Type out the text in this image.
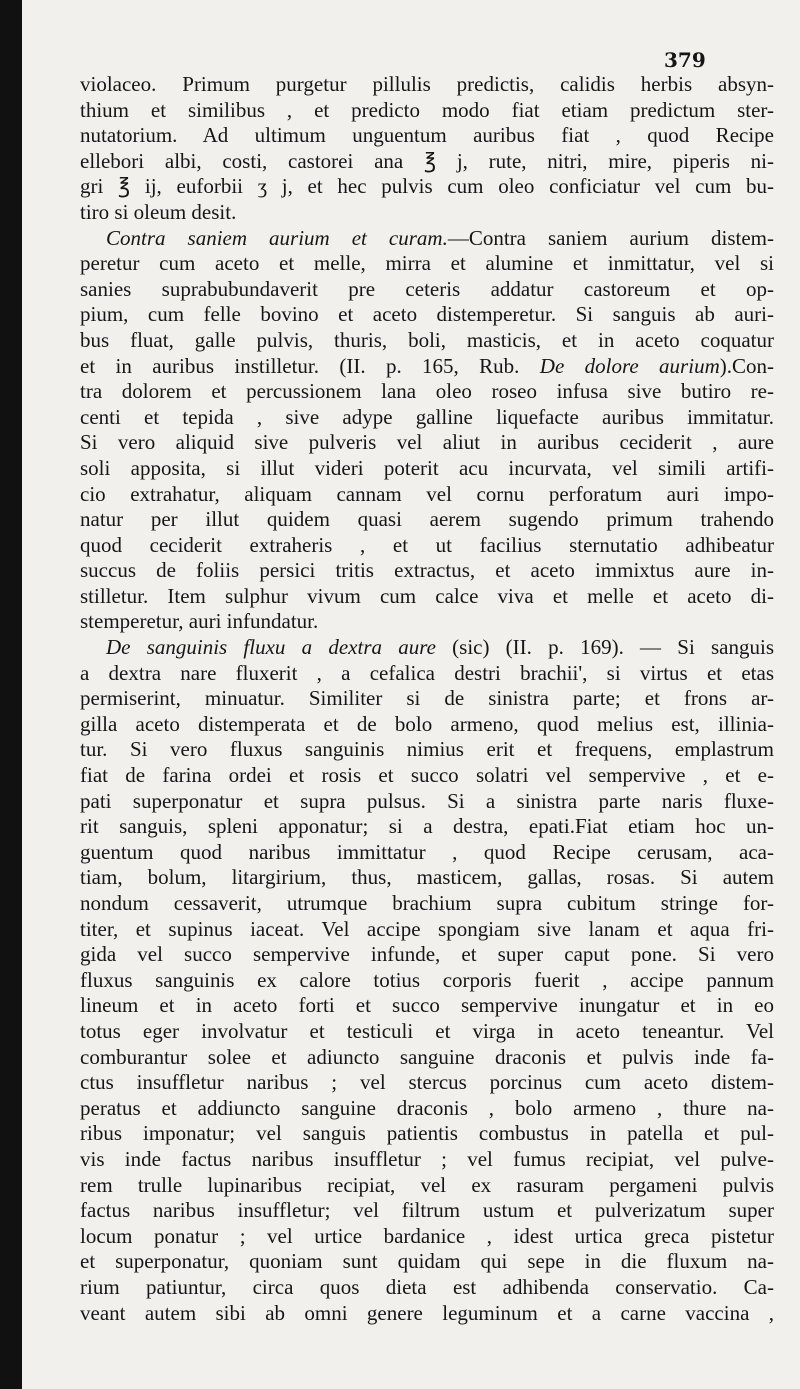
379
violaceo. Primum purgetur pillulis predictis, calidis herbis absyn-
thium et similibus , et predicto modo fiat etiam predictum ster-
nutatorium. Ad ultimum unguentum auribus fiat , quod Recipe
ellebori albi, costi, castorei ana ℥ j, rute, nitri, mire, piperis ni-
gri ℥ ij, euforbii ʒ j, et hec pulvis cum oleo conficiatur vel cum bu-
tiro si oleum desit.
Contra saniem aurium et curam.—Contra saniem aurium distem-
peretur cum aceto et melle, mirra et alumine et inmittatur, vel si
sanies suprabubundaverit pre ceteris addatur castoreum et op-
pium, cum felle bovino et aceto distemperetur. Si sanguis ab auri-
bus fluat, galle pulvis, thuris, boli, masticis, et in aceto coquatur
et in auribus instilletur. (II. p. 165, Rub. De dolore aurium).Con-
tra dolorem et percussionem lana oleo roseo infusa sive butiro re-
centi et tepida , sive adype galline liquefacte auribus immitatur.
Si vero aliquid sive pulveris vel aliut in auribus ceciderit , aure
soli apposita, si illut videri poterit acu incurvata, vel simili artifi-
cio extrahatur, aliquam cannam vel cornu perforatum auri impo-
natur per illut quidem quasi aerem sugendo primum trahendo
quod ceciderit extraheris , et ut facilius sternutatio adhibeatur
succus de foliis persici tritis extractus, et aceto immixtus aure in-
stilletur. Item sulphur vivum cum calce viva et melle et aceto di-
stemperetur, auri infundatur.
De sanguinis fluxu a dextra aure (sic) (II. p. 169). — Si sanguis
a dextra nare fluxerit , a cefalica destri brachii', si virtus et etas
permiserint, minuatur. Similiter si de sinistra parte; et frons ar-
gilla aceto distemperata et de bolo armeno, quod melius est, illinia-
tur. Si vero fluxus sanguinis nimius erit et frequens, emplastrum
fiat de farina ordei et rosis et succo solatri vel sempervive , et e-
pati superponatur et supra pulsus. Si a sinistra parte naris fluxe-
rit sanguis, spleni apponatur; si a destra, epati.Fiat etiam hoc un-
guentum quod naribus immittatur , quod Recipe cerusam, aca-
tiam, bolum, litargirium, thus, masticem, gallas, rosas. Si autem
nondum cessaverit, utrumque brachium supra cubitum stringe for-
titer, et supinus iaceat. Vel accipe spongiam sive lanam et aqua fri-
gida vel succo sempervive infunde, et super caput pone. Si vero
fluxus sanguinis ex calore totius corporis fuerit , accipe pannum
lineum et in aceto forti et succo sempervive inungatur et in eo
totus eger involvatur et testiculi et virga in aceto teneantur. Vel
comburantur solee et adiuncto sanguine draconis et pulvis inde fa-
ctus insuffletur naribus ; vel stercus porcinus cum aceto distem-
peratus et addiuncto sanguine draconis , bolo armeno , thure na-
ribus imponatur; vel sanguis patientis combustus in patella et pul-
vis inde factus naribus insuffletur ; vel fumus recipiat, vel pulve-
rem trulle lupinaribus recipiat, vel ex rasuram pergameni pulvis
factus naribus insuffletur; vel filtrum ustum et pulverizatum super
locum ponatur ; vel urtice bardanice , idest urtica greca pistetur
et superponatur, quoniam sunt quidam qui sepe in die fluxum na-
rium patiuntur, circa quos dieta est adhibenda conservatio. Ca-
veant autem sibi ab omni genere leguminum et a carne vaccina ,
